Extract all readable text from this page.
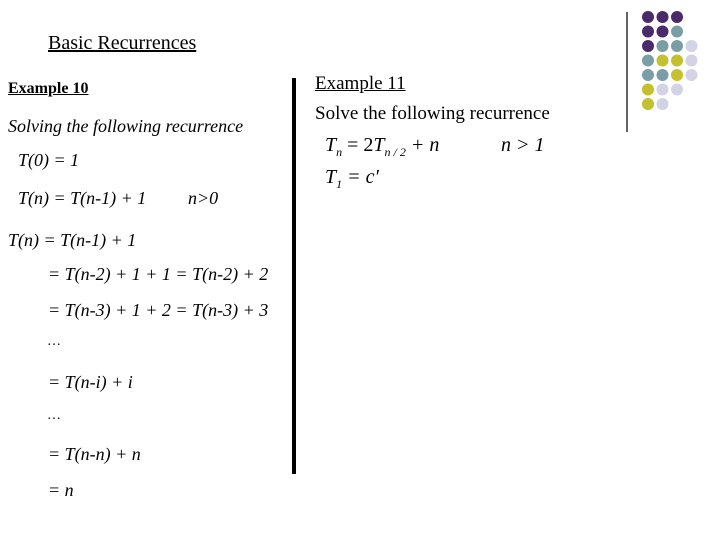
Basic Recurrences
Example 10
Solving the following recurrence
T(0) = 1
T(n) = T(n-1) + 1 n>0
T(n) = T(n-1) + 1
= T(n-2) + 1 + 1 = T(n-2) + 2
= T(n-3) + 1 + 2 = T(n-3) + 3
…
= T(n-i) + i
…
= T(n-n) + n
= n
Example 11
Solve the following recurrence
$T_n = 2T_{n / 2} + n$	n > 1
$T_1 = c'$
